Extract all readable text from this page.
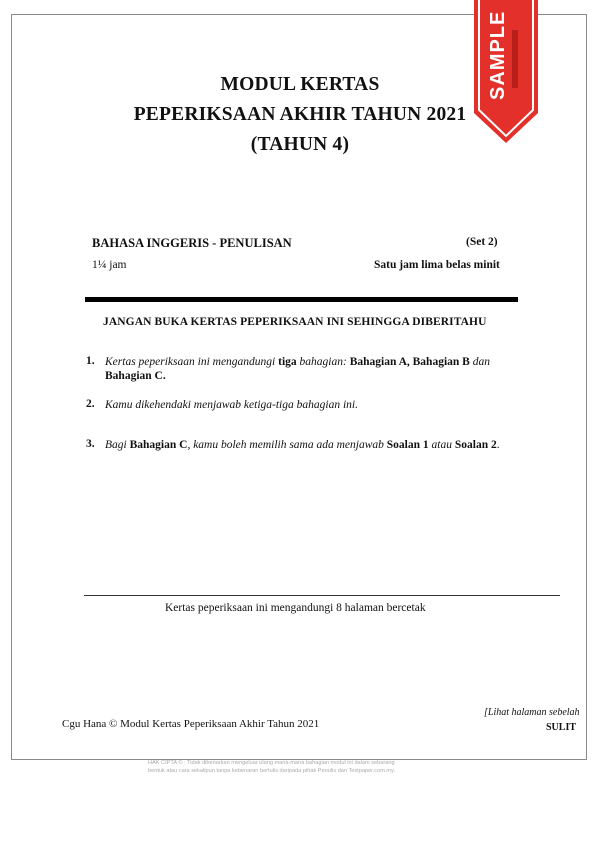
SAMPLE
MODUL KERTAS
PEPERIKSAAN AKHIR TAHUN 2021
(TAHUN 4)
BAHASA INGGERIS - PENULISAN	(Set 2)
1¼ jam	Satu jam lima belas minit
JANGAN BUKA KERTAS PEPERIKSAAN INI SEHINGGA DIBERITAHU
1. Kertas peperiksaan ini mengandungi tiga bahagian: Bahagian A, Bahagian B dan Bahagian C.
2. Kamu dikehendaki menjawab ketiga-tiga bahagian ini.
3. Bagi Bahagian C, kamu boleh memilih sama ada menjawab Soalan 1 atau Soalan 2.
Kertas peperiksaan ini mengandungi 8 halaman bercetak
Cgu Hana © Modul Kertas Peperiksaan Akhir Tahun 2021
[Lihat halaman sebelah
SULIT
HAK CIPTA © : Tidak dibenarkan mengeluar ulang mana-mana bahagian modul ini dalam sebarang
bentuk atau cara sekalipun tanpa kebenaran bertulis daripada pihak Penulis dan Testpaper.com.my.
